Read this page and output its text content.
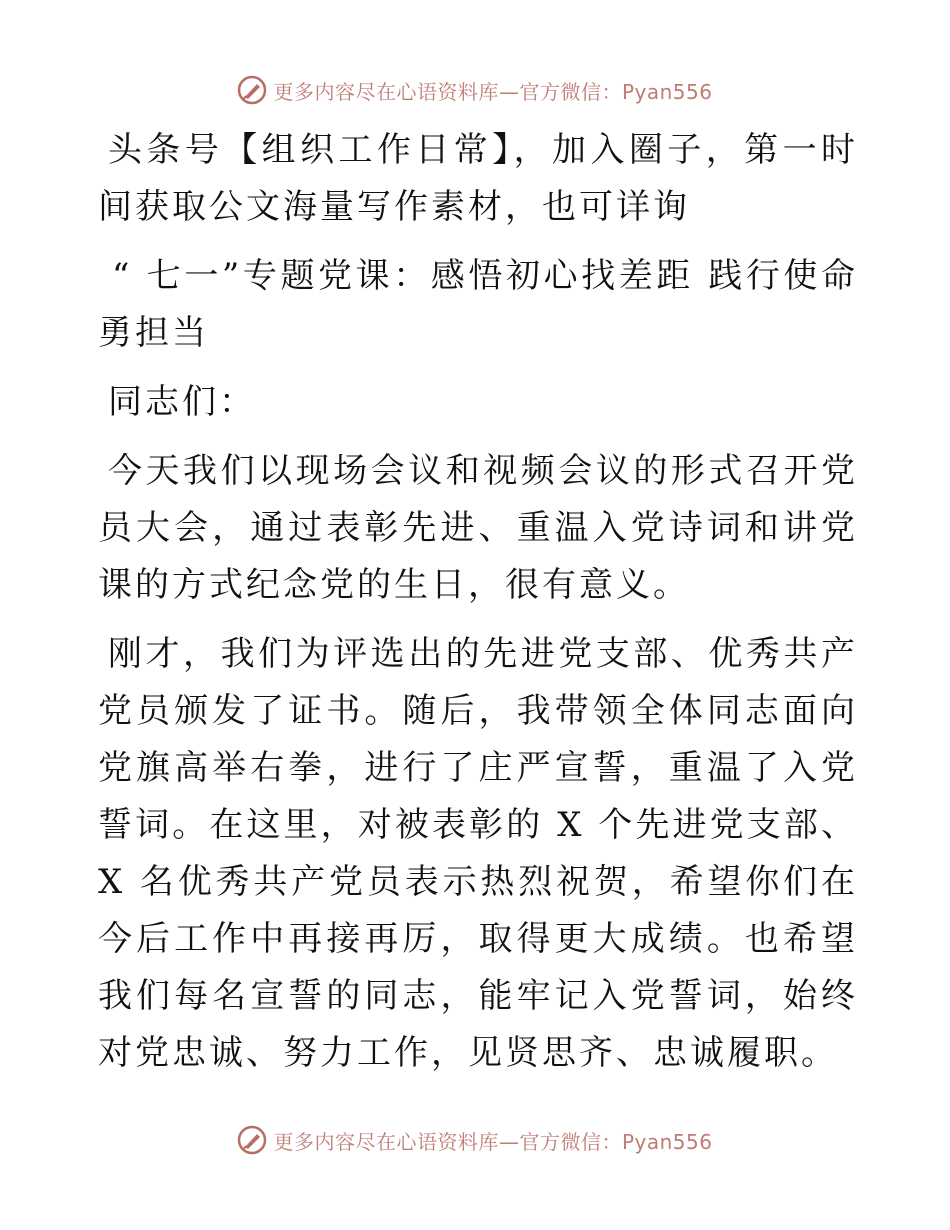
更多内容尽在心语资料库—官方微信：Pyan556

头条号【组织工作日常】，加入圈子，第一时间获取公文海量写作素材，也可详询

“ 七一”专题党课：感悟初心找差距 践行使命勇担当

同志们：

今天我们以现场会议和视频会议的形式召开党员大会，通过表彰先进、重温入党诗词和讲党课的方式纪念党的生日，很有意义。

刚才，我们为评选出的先进党支部、优秀共产党员颁发了证书。随后，我带领全体同志面向党旗高举右拳，进行了庄严宣誓，重温了入党誓词。在这里，对被表彰的 X 个先进党支部、X 名优秀共产党员表示热烈祝贺，希望你们在今后工作中再接再厉，取得更大成绩。也希望我们每名宣誓的同志，能牢记入党誓词，始终对党忠诚、努力工作，见贤思齐、忠诚履职。

更多内容尽在心语资料库—官方微信：Pyan556
